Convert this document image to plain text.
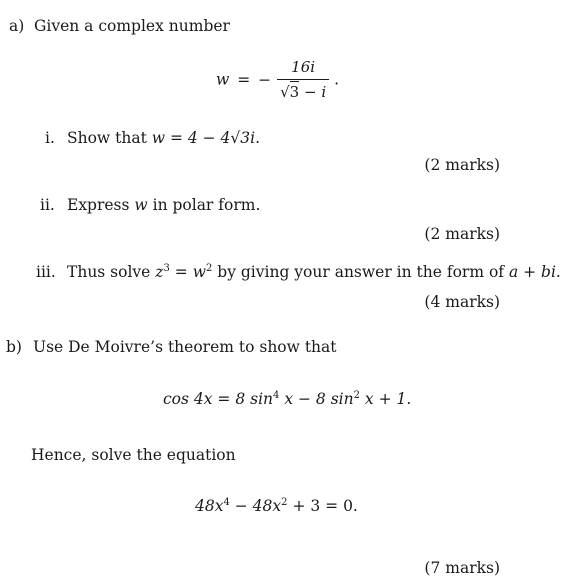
a) Given a complex number
w = − $\frac{16i}{√3 - i}$ .
i. Show that w = 4 − 4√3i.
(2 marks)
ii. Express w in polar form.
(2 marks)
iii. Thus solve $z^3 = w^2$ by giving your answer in the form of a + bi.
(4 marks)
b) Use De Moivre’s theorem to show that
cos 4x = 8 $\sin^4 x - 8$ $\sin^2 x + 1$.
Hence, solve the equation
$48x^4 - 48x^2 + 3 = 0$.
(7 marks)
